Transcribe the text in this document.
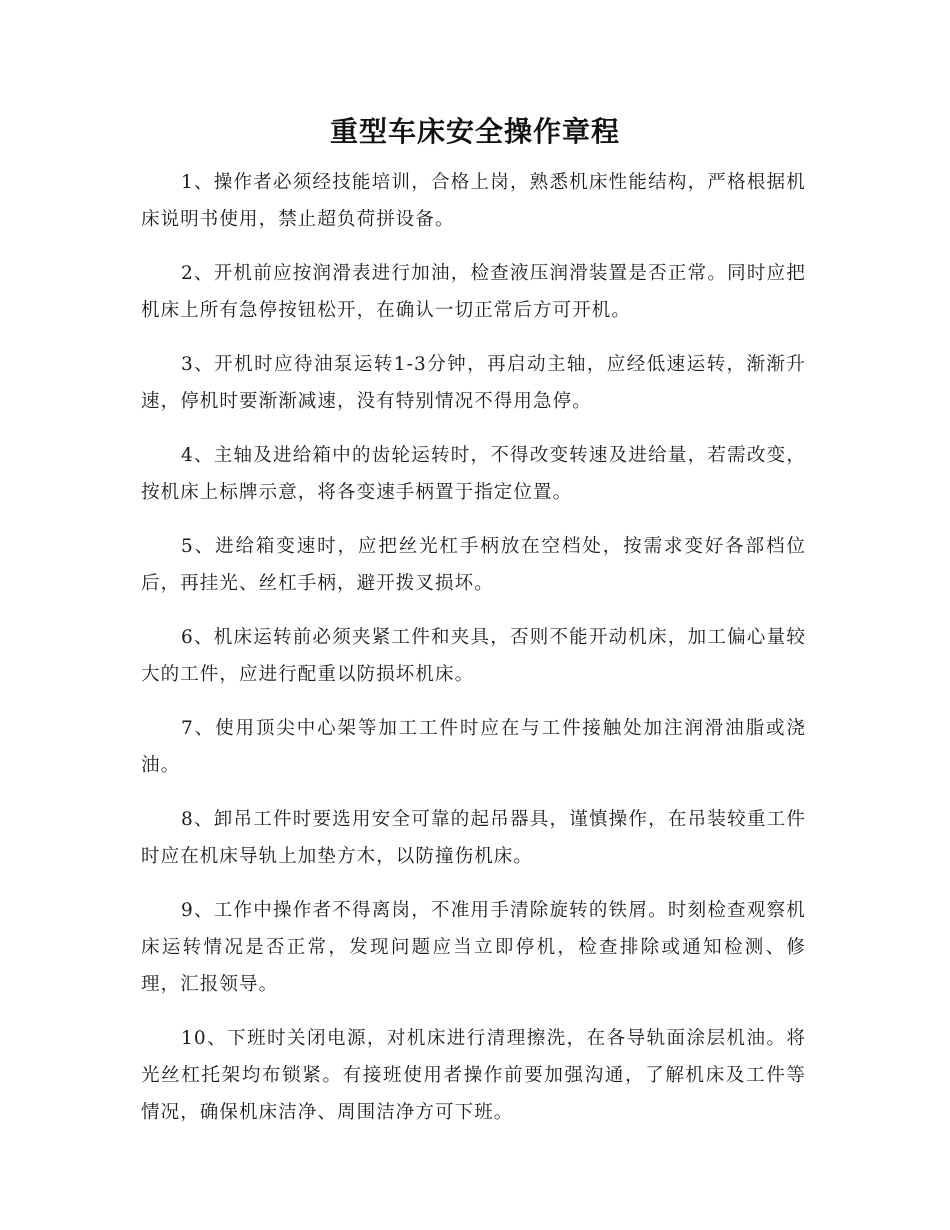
重型车床安全操作章程

1、操作者必须经技能培训，合格上岗，熟悉机床性能结构，严格根据机床说明书使用，禁止超负荷拼设备。

2、开机前应按润滑表进行加油，检查液压润滑装置是否正常。同时应把机床上所有急停按钮松开，在确认一切正常后方可开机。

3、开机时应待油泵运转1-3分钟，再启动主轴，应经低速运转，渐渐升速，停机时要渐渐减速，没有特别情况不得用急停。

4、主轴及进给箱中的齿轮运转时，不得改变转速及进给量，若需改变，按机床上标牌示意，将各变速手柄置于指定位置。

5、进给箱变速时，应把丝光杠手柄放在空档处，按需求变好各部档位后，再挂光、丝杠手柄，避开拨叉损坏。

6、机床运转前必须夹紧工件和夹具，否则不能开动机床，加工偏心量较大的工件，应进行配重以防损坏机床。

7、使用顶尖中心架等加工工件时应在与工件接触处加注润滑油脂或浇油。

8、卸吊工件时要选用安全可靠的起吊器具，谨慎操作，在吊装较重工件时应在机床导轨上加垫方木，以防撞伤机床。

9、工作中操作者不得离岗，不准用手清除旋转的铁屑。时刻检查观察机床运转情况是否正常，发现问题应当立即停机，检查排除或通知检测、修理，汇报领导。

10、下班时关闭电源，对机床进行清理擦洗，在各导轨面涂层机油。将光丝杠托架均布锁紧。有接班使用者操作前要加强沟通，了解机床及工件等情况，确保机床洁净、周围洁净方可下班。
